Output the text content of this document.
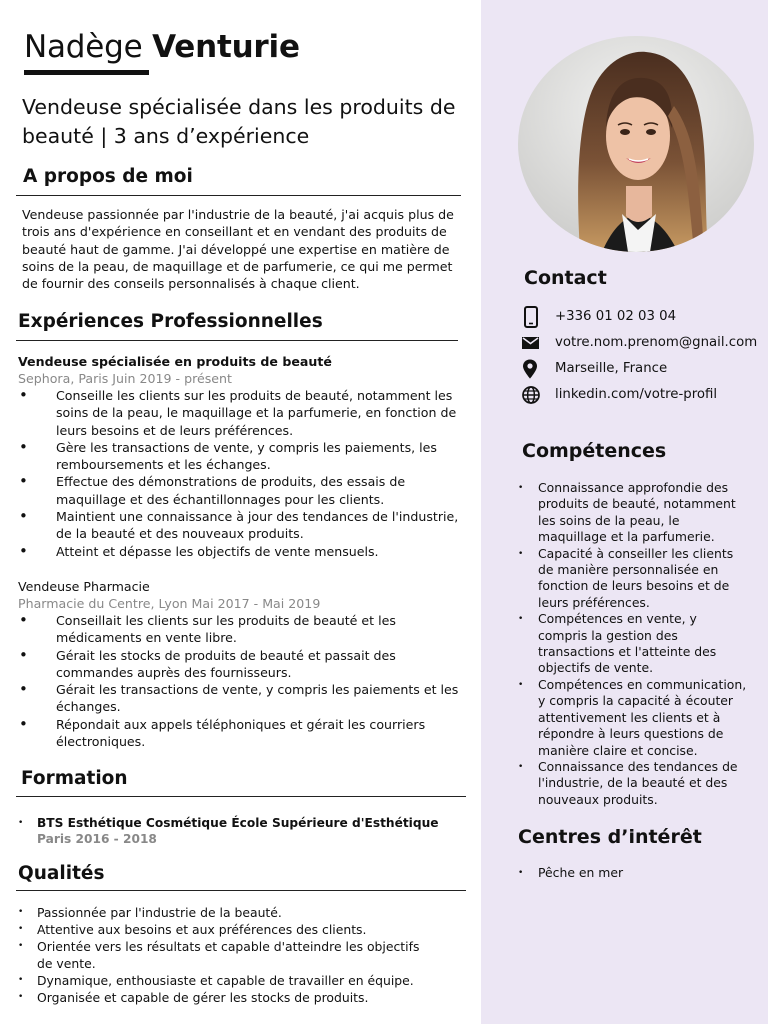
Nadège Venturie
Vendeuse spécialisée dans les produits de beauté | 3 ans d’expérience
A propos de moi
Vendeuse passionnée par l'industrie de la beauté, j'ai acquis plus de trois ans d'expérience en conseillant et en vendant des produits de beauté haut de gamme. J'ai développé une expertise en matière de soins de la peau, de maquillage et de parfumerie, ce qui me permet de fournir des conseils personnalisés à chaque client.
Expériences Professionnelles
Vendeuse spécialisée en produits de beauté
Sephora, Paris Juin 2019 - présent
• Conseille les clients sur les produits de beauté, notamment les soins de la peau, le maquillage et la parfumerie, en fonction de leurs besoins et de leurs préférences.
• Gère les transactions de vente, y compris les paiements, les remboursements et les échanges.
• Effectue des démonstrations de produits, des essais de maquillage et des échantillonnages pour les clients.
• Maintient une connaissance à jour des tendances de l'industrie, de la beauté et des nouveaux produits.
• Atteint et dépasse les objectifs de vente mensuels.
Vendeuse Pharmacie
Pharmacie du Centre, Lyon Mai 2017 - Mai 2019
• Conseillait les clients sur les produits de beauté et les médicaments en vente libre.
• Gérait les stocks de produits de beauté et passait des commandes auprès des fournisseurs.
• Gérait les transactions de vente, y compris les paiements et les échanges.
• Répondait aux appels téléphoniques et gérait les courriers électroniques.
Formation
• BTS Esthétique Cosmétique École Supérieure d'Esthétique
Paris 2016 - 2018
Qualités
• Passionnée par l'industrie de la beauté.
• Attentive aux besoins et aux préférences des clients.
• Orientée vers les résultats et capable d'atteindre les objectifs de vente.
• Dynamique, enthousiaste et capable de travailler en équipe.
• Organisée et capable de gérer les stocks de produits.
Contact
+336 01 02 03 04
votre.nom.prenom@gnail.com
Marseille, France
linkedin.com/votre-profil
Compétences
• Connaissance approfondie des produits de beauté, notamment les soins de la peau, le maquillage et la parfumerie.
• Capacité à conseiller les clients de manière personnalisée en fonction de leurs besoins et de leurs préférences.
• Compétences en vente, y compris la gestion des transactions et l'atteinte des objectifs de vente.
• Compétences en communication, y compris la capacité à écouter attentivement les clients et à répondre à leurs questions de manière claire et concise.
• Connaissance des tendances de l'industrie, de la beauté et des nouveaux produits.
Centres d’intérêt
• Pêche en mer
